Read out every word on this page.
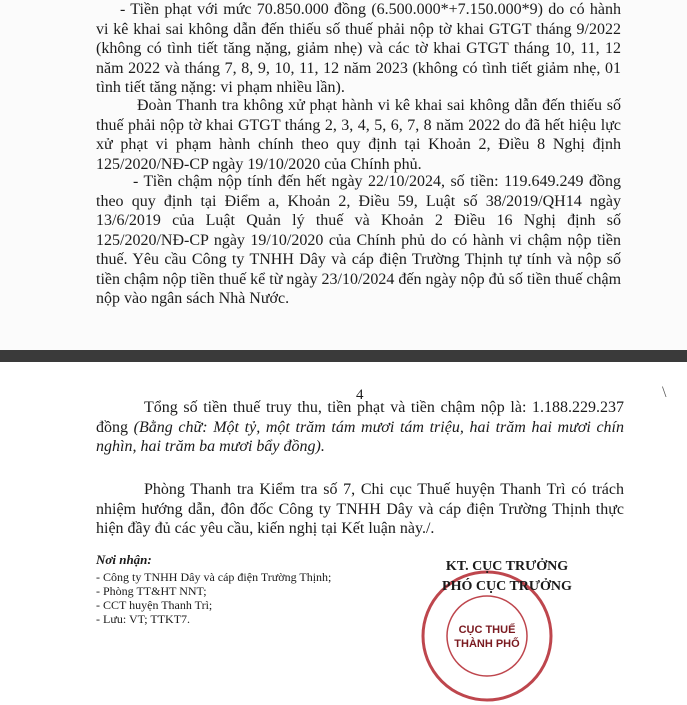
- Tiền phạt với mức 70.850.000 đồng (6.500.000*+7.150.000*9) do có hành vi kê khai sai không dẫn đến thiếu số thuế phải nộp tờ khai GTGT tháng 9/2022 (không có tình tiết tăng nặng, giảm nhẹ) và các tờ khai GTGT tháng 10, 11, 12 năm 2022 và tháng 7, 8, 9, 10, 11, 12 năm 2023 (không có tình tiết giảm nhẹ, 01 tình tiết tăng nặng: vi phạm nhiều lần).

Đoàn Thanh tra không xử phạt hành vi kê khai sai không dẫn đến thiếu số thuế phải nộp tờ khai GTGT tháng 2, 3, 4, 5, 6, 7, 8 năm 2022 do đã hết hiệu lực xử phạt vi phạm hành chính theo quy định tại Khoản 2, Điều 8 Nghị định 125/2020/NĐ-CP ngày 19/10/2020 của Chính phủ.

- Tiền chậm nộp tính đến hết ngày 22/10/2024, số tiền: 119.649.249 đồng theo quy định tại Điểm a, Khoản 2, Điều 59, Luật số 38/2019/QH14 ngày 13/6/2019 của Luật Quản lý thuế và Khoản 2 Điều 16 Nghị định số 125/2020/NĐ-CP ngày 19/10/2020 của Chính phủ do có hành vi chậm nộp tiền thuế. Yêu cầu Công ty TNHH Dây và cáp điện Trường Thịnh tự tính và nộp số tiền chậm nộp tiền thuế kể từ ngày 23/10/2024 đến ngày nộp đủ số tiền thuế chậm nộp vào ngân sách Nhà Nước.

4	\

Tổng số tiền thuế truy thu, tiền phạt và tiền chậm nộp là: 1.188.229.237 đồng (Bằng chữ: Một tỷ, một trăm tám mươi tám triệu, hai trăm hai mươi chín nghìn, hai trăm ba mươi bẩy đồng).

Phòng Thanh tra Kiểm tra số 7, Chi cục Thuế huyện Thanh Trì có trách nhiệm hướng dẫn, đôn đốc Công ty TNHH Dây và cáp điện Trường Thịnh thực hiện đầy đủ các yêu cầu, kiến nghị tại Kết luận này./.

Nơi nhận:
- Công ty TNHH Dây và cáp điện Trường Thịnh;
- Phòng TT&HT NNT;
- CCT huyện Thanh Trì;
- Lưu: VT; TTKT7.
CỤC THUẾ
THÀNH PHỐ
KT. CỤC TRƯỞNG
PHÓ CỤC TRƯỞNG
